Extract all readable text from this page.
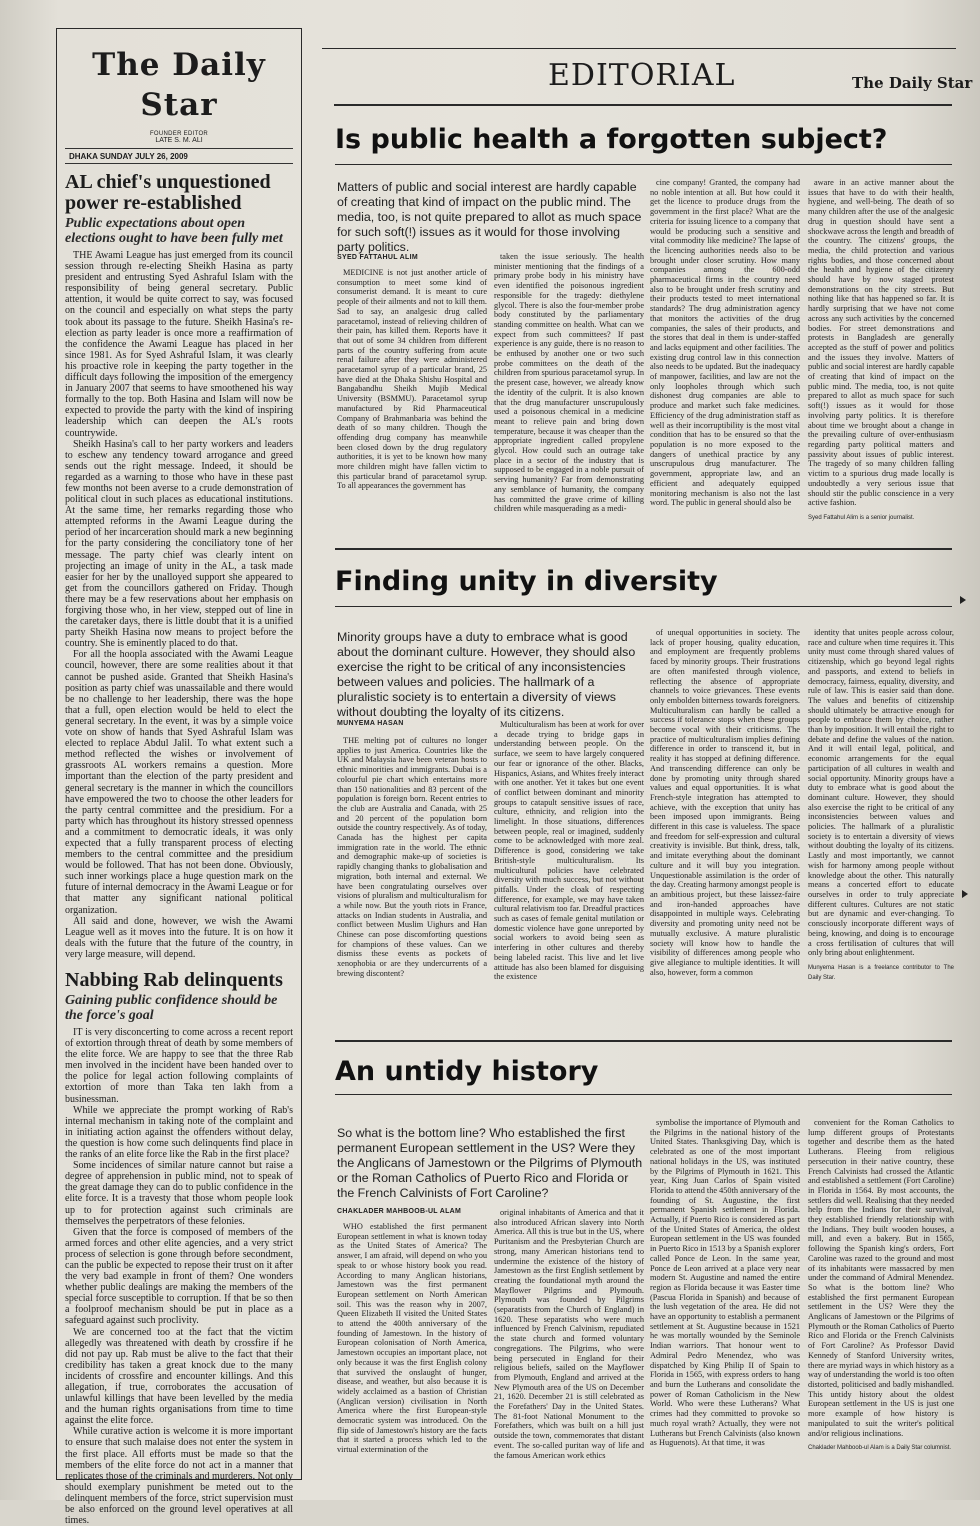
The Daily Star
FOUNDER EDITOR
LATE S. M. ALI
DHAKA SUNDAY JULY 26, 2009
AL chief's unquestioned power re-established
Public expectations about open elections ought to have been fully met

THE Awami League has just emerged from its council session through re-electing Sheikh Hasina as party president and entrusting Syed Ashraful Islam with the responsibility of being general secretary. Public attention, it would be quite correct to say, was focused on the council and especially on what steps the party took about its passage to the future. Sheikh Hasina's re-election as party leader is once more a reaffirmation of the confidence the Awami League has placed in her since 1981. As for Syed Ashraful Islam, it was clearly his proactive role in keeping the party together in the difficult days following the imposition of the emergency in January 2007 that seems to have smoothened his way formally to the top. Both Hasina and Islam will now be expected to provide the party with the kind of inspiring leadership which can deepen the AL's roots countrywide.

Sheikh Hasina's call to her party workers and leaders to eschew any tendency toward arrogance and greed sends out the right message. Indeed, it should be regarded as a warning to those who have in these past few months not been averse to a crude demonstration of political clout in such places as educational institutions. At the same time, her remarks regarding those who attempted reforms in the Awami League during the period of her incarceration should mark a new beginning for the party considering the conciliatory tone of her message. The party chief was clearly intent on projecting an image of unity in the AL, a task made easier for her by the unalloyed support she appeared to get from the councillors gathered on Friday. Though there may be a few reservations about her emphasis on forgiving those who, in her view, stepped out of line in the caretaker days, there is little doubt that it is a unified party Sheikh Hasina now means to project before the country. She is eminently placed to do that.

For all the hoopla associated with the Awami League council, however, there are some realities about it that cannot be pushed aside. Granted that Sheikh Hasina's position as party chief was unassailable and there would be no challenge to her leadership, there was the hope that a full, open election would be held to elect the general secretary. In the event, it was by a simple voice vote on show of hands that Syed Ashraful Islam was elected to replace Abdul Jalil. To what extent such a method reflected the wishes or involvement of grassroots AL workers remains a question. More important than the election of the party president and general secretary is the manner in which the councillors have empowered the two to choose the other leaders for the party central committee and the presidium. For a party which has throughout its history stressed openness and a commitment to democratic ideals, it was only expected that a fully transparent process of electing members to the central committee and the presidium would be followed. That has not been done. Obviously, such inner workings place a huge question mark on the future of internal democracy in the Awami League or for that matter any significant national political organization.

All said and done, however, we wish the Awami League well as it moves into the future. It is on how it deals with the future that the future of the country, in very large measure, will depend.

Nabbing Rab delinquents
Gaining public confidence should be the force's goal

IT is very disconcerting to come across a recent report of extortion through threat of death by some members of the elite force. We are happy to see that the three Rab men involved in the incident have been handed over to the police for legal action following complaints of extortion of more than Taka ten lakh from a businessman.

While we appreciate the prompt working of Rab's internal mechanism in taking note of the complaint and in initiating action against the offenders without delay, the question is how come such delinquents find place in the ranks of an elite force like the Rab in the first place?

Some incidences of similar nature cannot but raise a degree of apprehension in public mind, not to speak of the great damage they can do to public confidence in the elite force. It is a travesty that those whom people look up to for protection against such criminals are themselves the perpetrators of these felonies.

Given that the force is composed of members of the armed forces and other elite agencies, and a very strict process of selection is gone through before secondment, can the public be expected to repose their trust on it after the very bad example in front of them? One wonders whether public dealings are making the members of the special force susceptible to corruption. If that be so then a foolproof mechanism should be put in place as a safeguard against such proclivity.

We are concerned too at the fact that the victim allegedly was threatened with death by crossfire if he did not pay up. Rab must be alive to the fact that their credibility has taken a great knock due to the many incidents of crossfire and encounter killings. And this allegation, if true, corroborates the accusation of unlawful killings that have been levelled by the media and the human rights organisations from time to time against the elite force.

While curative action is welcome it is more important to ensure that such malaise does not enter the system in the first place. All efforts must be made so that the members of the elite force do not act in a manner that replicates those of the criminals and murderers. Not only should exemplary punishment be meted out to the delinquent members of the force, strict supervision must be also enforced on the ground level operatives at all times.

EDITORIAL	The Daily Star
Is public health a forgotten subject?
Matters of public and social interest are hardly capable of creating that kind of impact on the public mind. The media, too, is not quite prepared to allot as much space for such soft(!) issues as it would for those involving party politics.
SYED FATTAHUL ALIM

MEDICINE is not just another article of consumption to meet some kind of consumerist demand. It is meant to cure people of their ailments and not to kill them. Sad to say, an analgesic drug called paracetamol, instead of relieving children of their pain, has killed them. Reports have it that out of some 34 children from different parts of the country suffering from acute renal failure after they were administered paracetamol syrup of a particular brand, 25 have died at the Dhaka Shishu Hospital and Bangabandhu Sheikh Mujib Medical University (BSMMU). Paracetamol syrup manufactured by Rid Pharmaceutical Company of Brahmanbaria was behind the death of so many children. Though the offending drug company has meanwhile been closed down by the drug regulatory authorities, it is yet to be known how many more children might have fallen victim to this particular brand of paracetamol syrup. To all appearances the government has

taken the issue seriously. The health minister mentioning that the findings of a primary probe body in his ministry have even identified the poisonous ingredient responsible for the tragedy: diethylene glycol. There is also the four-member probe body constituted by the parliamentary standing committee on health. What can we expect from such committees? If past experience is any guide, there is no reason to be enthused by another one or two such probe committees on the death of the children from spurious paracetamol syrup. In the present case, however, we already know the identity of the culprit. It is also known that the drug manufacturer unscrupulously used a poisonous chemical in a medicine meant to relieve pain and bring down temperature, because it was cheaper than the appropriate ingredient called propylene glycol. How could such an outrage take place in a sector of the industry that is supposed to be engaged in a noble pursuit of serving humanity? Far from demonstrating any semblance of humanity, the company has committed the grave crime of killing children while masquerading as a medi-

cine company! Granted, the company had no noble intention at all. But how could it get the licence to produce drugs from the government in the first place? What are the criteria for issuing licence to a company that would be producing such a sensitive and vital commodity like medicine? The lapse of the licencing authorities needs also to be brought under closer scrutiny. How many companies among the 600-odd pharmaceutical firms in the country need also to be brought under fresh scrutiny and their products tested to meet international standards? The drug administration agency that monitors the activities of the drug companies, the sales of their products, and the stores that deal in them is under-staffed and lacks equipment and other facilities. The existing drug control law in this connection also needs to be updated. But the inadequacy of manpower, facilities, and law are not the only loopholes through which such dishonest drug companies are able to produce and market such fake medicines. Efficiency of the drug administration staff as well as their incorruptibility is the most vital condition that has to be ensured so that the population is no more exposed to the dangers of unethical practice by any unscrupulous drug manufacturer. The government, appropriate law, and an efficient and adequately equipped monitoring mechanism is also not the last word. The public in general should also be

aware in an active manner about the issues that have to do with their health, hygiene, and well-being. The death of so many children after the use of the analgesic drug in question should have sent a shockwave across the length and breadth of the country. The citizens' groups, the media, the child protection and various rights bodies, and those concerned about the health and hygiene of the citizenry should have by now staged protest demonstrations on the city streets. But nothing like that has happened so far. It is hardly surprising that we have not come across any such activities by the concerned bodies. For street demonstrations and protests in Bangladesh are generally accepted as the stuff of power and politics and the issues they involve. Matters of public and social interest are hardly capable of creating that kind of impact on the public mind. The media, too, is not quite prepared to allot as much space for such soft(!) issues as it would for those involving party politics. It is therefore about time we brought about a change in the prevailing culture of over-enthusiasm regarding party political matters and passivity about issues of public interest. The tragedy of so many children falling victim to a spurious drug made locally is undoubtedly a very serious issue that should stir the public conscience in a very active fashion.

Syed Fattahul Alim is a senior journalist.
Finding unity in diversity
Minority groups have a duty to embrace what is good about the dominant culture. However, they should also exercise the right to be critical of any inconsistencies between values and policies. The hallmark of a pluralistic society is to entertain a diversity of views without doubting the loyalty of its citizens.
MUNYEMA HASAN

THE melting pot of cultures no longer applies to just America. Countries like the UK and Malaysia have been veteran hosts to ethnic minorities and immigrants. Dubai is a colourful pie chart which entertains more than 150 nationalities and 83 percent of the population is foreign born. Recent entries to the club are Australia and Canada, with 25 and 20 percent of the population born outside the country respectively. As of today, Canada has the highest per capita immigration rate in the world. The ethnic and demographic make-up of societies is rapidly changing thanks to globalisation and migration, both internal and external. We have been congratulating ourselves over visions of pluralism and multiculturalism for a while now. But the youth riots in France, attacks on Indian students in Australia, and conflict between Muslim Uighurs and Han Chinese can pose discomforting questions for champions of these values. Can we dismiss these events as pockets of xenophobia or are they undercurrents of a brewing discontent?

Multiculturalism has been at work for over a decade trying to bridge gaps in understanding between people. On the surface, we seem to have largely conquered our fear or ignorance of the other. Blacks, Hispanics, Asians, and Whites freely interact with one another. Yet it takes but one event of conflict between dominant and minority groups to catapult sensitive issues of race, culture, ethnicity, and religion into the limelight. In those situations, differences between people, real or imagined, suddenly come to be acknowledged with more zeal. Difference is good, considering we take British-style multiculturalism. Its multicultural policies have celebrated diversity with much success, but not without pitfalls. Under the cloak of respecting difference, for example, we may have taken cultural relativism too far. Dreadful practices such as cases of female genital mutilation or domestic violence have gone unreported by social workers to avoid being seen as interfering in other cultures and thereby being labeled racist. This live and let live attitude has also been blamed for disguising the existence

of unequal opportunities in society. The lack of proper housing, quality education, and employment are frequently problems faced by minority groups. Their frustrations are often manifested through violence, reflecting the absence of appropriate channels to voice grievances. These events only embolden bitterness towards foreigners. Multiculturalism can hardly be called a success if tolerance stops when these groups become vocal with their criticisms. The practice of multiculturalism implies defining difference in order to transcend it, but in reality it has stopped at defining difference. And transcending difference can only be done by promoting unity through shared values and equal opportunities. It is what French-style integration has attempted to achieve, with the exception that unity has been imposed upon immigrants. Being different in this case is valueless. The space and freedom for self-expression and cultural creativity is invisible. But think, dress, talk, and imitate everything about the dominant culture and it will buy you integration. Unquestionable assimilation is the order of the day. Creating harmony amongst people is an ambitious project, but these laissez-faire and iron-handed approaches have disappointed in multiple ways. Celebrating diversity and promoting unity need not be mutually exclusive. A mature pluralistic society will know how to handle the visibility of differences among people who give allegiance to multiple identities. It will also, however, form a common

identity that unites people across colour, race and culture when time requires it. This unity must come through shared values of citizenship, which go beyond legal rights and passports, and extend to beliefs in democracy, fairness, equality, diversity, and rule of law. This is easier said than done. The values and benefits of citizenship should ultimately be attractive enough for people to embrace them by choice, rather than by imposition. It will entail the right to debate and define the values of the nation. And it will entail legal, political, and economic arrangements for the equal participation of all cultures in wealth and social opportunity. Minority groups have a duty to embrace what is good about the dominant culture. However, they should also exercise the right to be critical of any inconsistencies between values and policies. The hallmark of a pluralistic society is to entertain a diversity of views without doubting the loyalty of its citizens. Lastly and most importantly, we cannot wish for harmony among people without knowledge about the other. This naturally means a concerted effort to educate ourselves in order to truly appreciate different cultures. Cultures are not static but are dynamic and ever-changing. To consciously incorporate different ways of being, knowing, and doing is to encourage a cross fertilisation of cultures that will only bring about enlightenment.

Munyema Hasan is a freelance contributor to The Daily Star.
An untidy history
So what is the bottom line? Who established the first permanent European settlement in the US? Were they the Anglicans of Jamestown or the Pilgrims of Plymouth or the Roman Catholics of Puerto Rico and Florida or the French Calvinists of Fort Caroline?
CHAKLADER MAHBOOB-UL ALAM

WHO established the first permanent European settlement in what is known today as the United States of America? The answer, I am afraid, will depend on who you speak to or whose history book you read. According to many Anglican historians, Jamestown was the first permanent European settlement on North American soil. This was the reason why in 2007, Queen Elizabeth II visited the United States to attend the 400th anniversary of the founding of Jamestown. In the history of European colonisation of North America, Jamestown occupies an important place, not only because it was the first English colony that survived the onslaught of hunger, disease, and weather, but also because it is widely acclaimed as a bastion of Christian (Anglican version) civilisation in North America where the first European-style democratic system was introduced. On the flip side of Jamestown's history are the facts that it started a process which led to the virtual extermination of the

original inhabitants of America and that it also introduced African slavery into North America. All this is true but in the US, where Puritanism and the Presbyterian Church are strong, many American historians tend to undermine the existence of the history of Jamestown as the first English settlement by creating the foundational myth around the Mayflower Pilgrims and Plymouth. Plymouth was founded by Pilgrims (separatists from the Church of England) in 1620. These separatists who were much influenced by French Calvinism, repudiated the state church and formed voluntary congregations. The Pilgrims, who were being persecuted in England for their religious beliefs, sailed on the Mayflower from Plymouth, England and arrived at the New Plymouth area of the US on December 21, 1620. December 21 is still celebrated as the Forefathers' Day in the United States. The 81-foot National Monument to the Forefathers, which was built on a hill just outside the town, commemorates that distant event. The so-called puritan way of life and the famous American work ethics

symbolise the importance of Plymouth and the Pilgrims in the national history of the United States. Thanksgiving Day, which is celebrated as one of the most important national holidays in the US, was instituted by the Pilgrims of Plymouth in 1621. This year, King Juan Carlos of Spain visited Florida to attend the 450th anniversary of the founding of St. Augustine, the first permanent Spanish settlement in Florida. Actually, if Puerto Rico is considered as part of the United States of America, the oldest European settlement in the US was founded in Puerto Rico in 1513 by a Spanish explorer called Ponce de Leon. In the same year, Ponce de Leon arrived at a place very near modern St. Augustine and named the entire region as Florida because it was Easter time (Pascua Florida in Spanish) and because of the lush vegetation of the area. He did not have an opportunity to establish a permanent settlement at St. Augustine because in 1521 he was mortally wounded by the Seminole Indian warriors. That honour went to Admiral Pedro Menendez, who was dispatched by King Philip II of Spain to Florida in 1565, with express orders to hang and burn the Lutherans and consolidate the power of Roman Catholicism in the New World. Who were these Lutherans? What crimes had they committed to provoke so much royal wrath? Actually, they were not Lutherans but French Calvinists (also known as Huguenots). At that time, it was

convenient for the Roman Catholics to lump different groups of Protestants together and describe them as the hated Lutherans. Fleeing from religious persecution in their native country, these French Calvinists had crossed the Atlantic and established a settlement (Fort Caroline) in Florida in 1564. By most accounts, the settlers did well. Realising that they needed help from the Indians for their survival, they established friendly relationship with the Indians. They built wooden houses, a mill, and even a bakery. But in 1565, following the Spanish king's orders, Fort Caroline was razed to the ground and most of its inhabitants were massacred by men under the command of Admiral Menendez. So what is the bottom line? Who established the first permanent European settlement in the US? Were they the Anglicans of Jamestown or the Pilgrims of Plymouth or the Roman Catholics of Puerto Rico and Florida or the French Calvinists of Fort Caroline? As Professor David Kennedy of Stanford University writes, there are myriad ways in which history as a way of understanding the world is too often distorted, politicised and badly mishandled. This untidy history about the oldest European settlement in the US is just one more example of how history is manipulated to suit the writer's political and/or religious inclinations.

Chaklader Mahboob-ul Alam is a Daily Star columnist.
